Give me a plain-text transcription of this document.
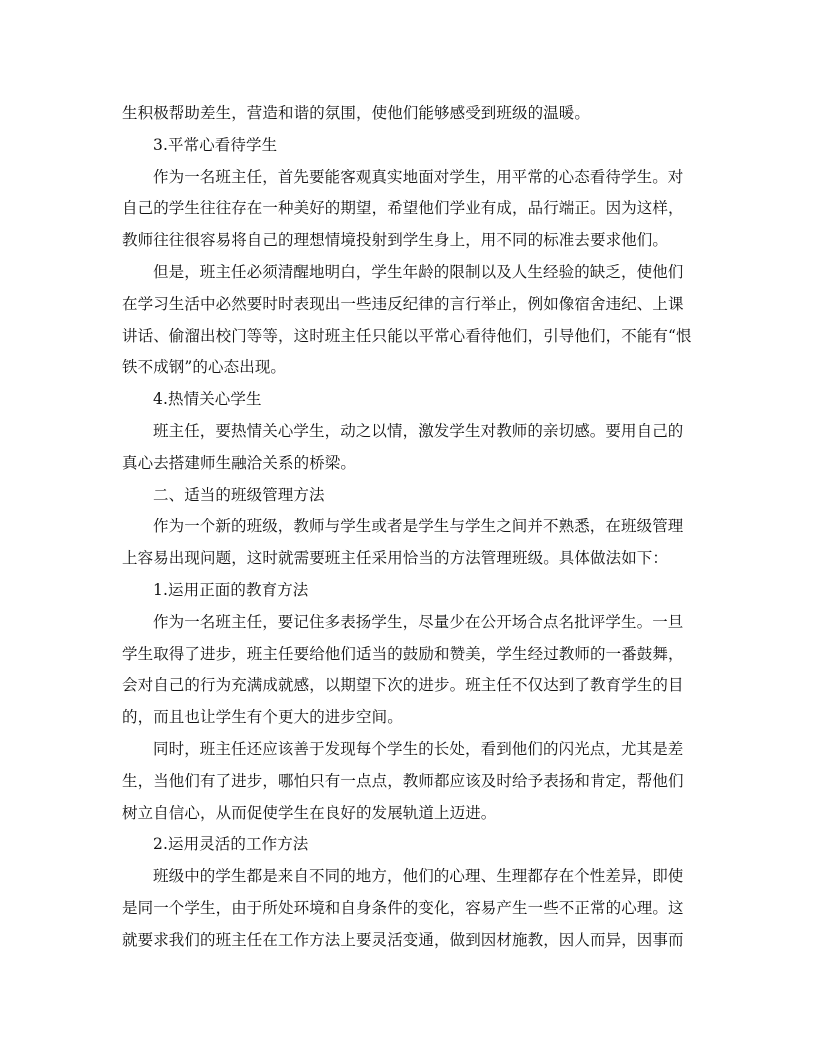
生积极帮助差生，营造和谐的氛围，使他们能够感受到班级的温暖。
3.平常心看待学生
作为一名班主任，首先要能客观真实地面对学生，用平常的心态看待学生。对
自己的学生往往存在一种美好的期望，希望他们学业有成，品行端正。因为这样，
教师往往很容易将自己的理想情境投射到学生身上，用不同的标准去要求他们。
但是，班主任必须清醒地明白，学生年龄的限制以及人生经验的缺乏，使他们
在学习生活中必然要时时表现出一些违反纪律的言行举止，例如像宿舍违纪、上课
讲话、偷溜出校门等等，这时班主任只能以平常心看待他们，引导他们，不能有“恨
铁不成钢”的心态出现。
4.热情关心学生
班主任，要热情关心学生，动之以情，激发学生对教师的亲切感。要用自己的
真心去搭建师生融洽关系的桥梁。
二、适当的班级管理方法
作为一个新的班级，教师与学生或者是学生与学生之间并不熟悉，在班级管理
上容易出现问题，这时就需要班主任采用恰当的方法管理班级。具体做法如下：
1.运用正面的教育方法
作为一名班主任，要记住多表扬学生，尽量少在公开场合点名批评学生。一旦
学生取得了进步，班主任要给他们适当的鼓励和赞美，学生经过教师的一番鼓舞，
会对自己的行为充满成就感，以期望下次的进步。班主任不仅达到了教育学生的目
的，而且也让学生有个更大的进步空间。
同时，班主任还应该善于发现每个学生的长处，看到他们的闪光点，尤其是差
生，当他们有了进步，哪怕只有一点点，教师都应该及时给予表扬和肯定，帮他们
树立自信心，从而促使学生在良好的发展轨道上迈进。
2.运用灵活的工作方法
班级中的学生都是来自不同的地方，他们的心理、生理都存在个性差异，即使
是同一个学生，由于所处环境和自身条件的变化，容易产生一些不正常的心理。这
就要求我们的班主任在工作方法上要灵活变通，做到因材施教，因人而异，因事而
